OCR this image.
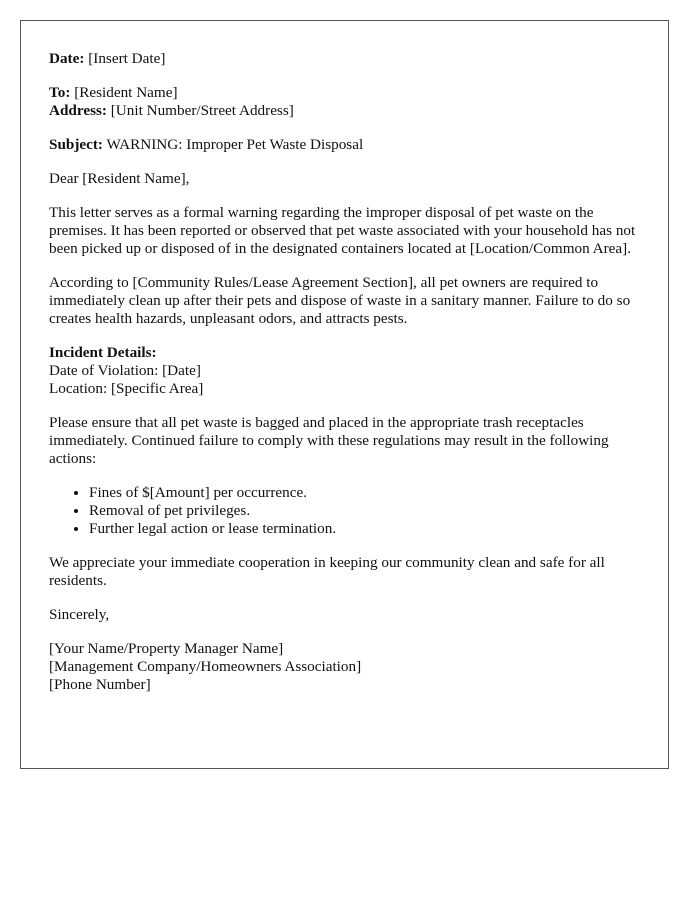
Date: [Insert Date]

To: [Resident Name]
Address: [Unit Number/Street Address]

Subject: WARNING: Improper Pet Waste Disposal

Dear [Resident Name],

This letter serves as a formal warning regarding the improper disposal of pet waste on the premises. It has been reported or observed that pet waste associated with your household has not been picked up or disposed of in the designated containers located at [Location/Common Area].

According to [Community Rules/Lease Agreement Section], all pet owners are required to immediately clean up after their pets and dispose of waste in a sanitary manner. Failure to do so creates health hazards, unpleasant odors, and attracts pests.

Incident Details:
Date of Violation: [Date]
Location: [Specific Area]

Please ensure that all pet waste is bagged and placed in the appropriate trash receptacles immediately. Continued failure to comply with these regulations may result in the following actions:

• Fines of $[Amount] per occurrence.
• Removal of pet privileges.
• Further legal action or lease termination.

We appreciate your immediate cooperation in keeping our community clean and safe for all residents.

Sincerely,

[Your Name/Property Manager Name]
[Management Company/Homeowners Association]
[Phone Number]
